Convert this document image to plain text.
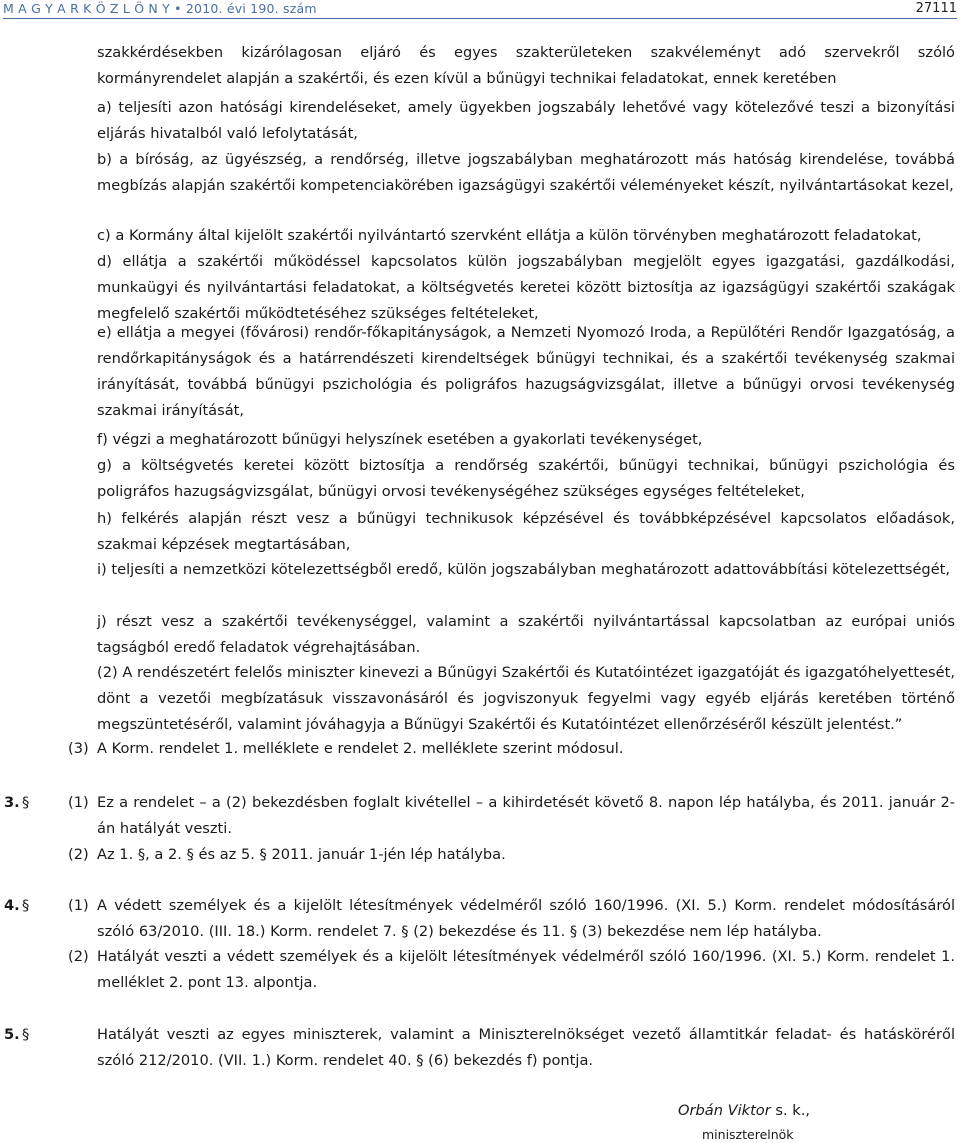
M A G Y A R K Ö Z L Ö N Y • 2010. évi 190. szám	27111

szakkérdésekben kizárólagosan eljáró és egyes szakterületeken szakvéleményt adó szervekről szóló kormányrendelet alapján a szakértői, és ezen kívül a bűnügyi technikai feladatokat, ennek keretében

a) teljesíti azon hatósági kirendeléseket, amely ügyekben jogszabály lehetővé vagy kötelezővé teszi a bizonyítási eljárás hivatalból való lefolytatását,

b) a bíróság, az ügyészség, a rendőrség, illetve jogszabályban meghatározott más hatóság kirendelése, továbbá megbízás alapján szakértői kompetenciakörében igazságügyi szakértői véleményeket készít, nyilvántartásokat kezel,

c) a Kormány által kijelölt szakértői nyilvántartó szervként ellátja a külön törvényben meghatározott feladatokat,

d) ellátja a szakértői működéssel kapcsolatos külön jogszabályban megjelölt egyes igazgatási, gazdálkodási, munkaügyi és nyilvántartási feladatokat, a költségvetés keretei között biztosítja az igazságügyi szakértői szakágak megfelelő szakértői működtetéséhez szükséges feltételeket,

e) ellátja a megyei (fővárosi) rendőr-főkapitányságok, a Nemzeti Nyomozó Iroda, a Repülőtéri Rendőr Igazgatóság, a rendőrkapitányságok és a határrendészeti kirendeltségek bűnügyi technikai, és a szakértői tevékenység szakmai irányítását, továbbá bűnügyi pszichológia és poligráfos hazugságvizsgálat, illetve a bűnügyi orvosi tevékenység szakmai irányítását,

f) végzi a meghatározott bűnügyi helyszínek esetében a gyakorlati tevékenységet,

g) a költségvetés keretei között biztosítja a rendőrség szakértői, bűnügyi technikai, bűnügyi pszichológia és poligráfos hazugságvizsgálat, bűnügyi orvosi tevékenységéhez szükséges egységes feltételeket,

h) felkérés alapján részt vesz a bűnügyi technikusok képzésével és továbbképzésével kapcsolatos előadások, szakmai képzések megtartásában,

i) teljesíti a nemzetközi kötelezettségből eredő, külön jogszabályban meghatározott adattovábbítási kötelezettségét,

j) részt vesz a szakértői tevékenységgel, valamint a szakértői nyilvántartással kapcsolatban az európai uniós tagságból eredő feladatok végrehajtásában.

(2) A rendészetért felelős miniszter kinevezi a Bűnügyi Szakértői és Kutatóintézet igazgatóját és igazgatóhelyettesét, dönt a vezetői megbízatásuk visszavonásáról és jogviszonyuk fegyelmi vagy egyéb eljárás keretében történő megszüntetéséről, valamint jóváhagyja a Bűnügyi Szakértői és Kutatóintézet ellenőrzéséről készült jelentést.”

(3) A Korm. rendelet 1. melléklete e rendelet 2. melléklete szerint módosul.
3. §	(1) Ez a rendelet – a (2) bekezdésben foglalt kivétellel – a kihirdetését követő 8. napon lép hatályba, és 2011. január 2-án hatályát veszti.
(2) Az 1. §, a 2. § és az 5. § 2011. január 1-jén lép hatályba.
4. §	(1) A védett személyek és a kijelölt létesítmények védelméről szóló 160/1996. (XI. 5.) Korm. rendelet módosításáról szóló 63/2010. (III. 18.) Korm. rendelet 7. § (2) bekezdése és 11. § (3) bekezdése nem lép hatályba.
(2) Hatályát veszti a védett személyek és a kijelölt létesítmények védelméről szóló 160/1996. (XI. 5.) Korm. rendelet 1. melléklet 2. pont 13. alpontja.
5. §	Hatályát veszti az egyes miniszterek, valamint a Miniszterelnökséget vezető államtitkár feladat- és hatásköréről szóló 212/2010. (VII. 1.) Korm. rendelet 40. § (6) bekezdés f) pontja.
Orbán Viktor s. k.,
miniszterelnök
